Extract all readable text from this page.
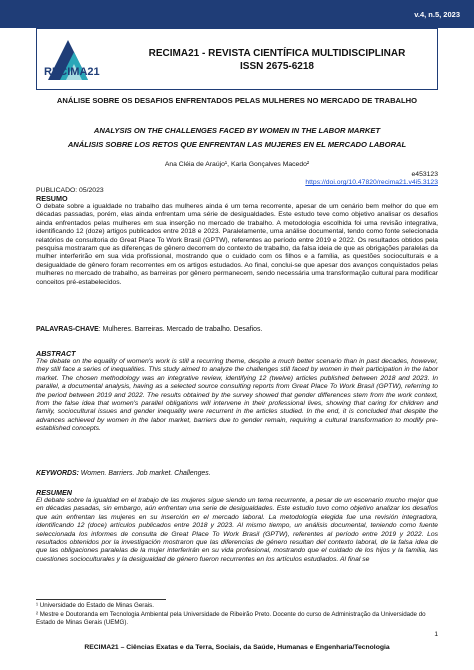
v.4, n.5, 2023
RECIMA21
RECIMA21 - REVISTA CIENTÍFICA MULTIDISCIPLINAR
ISSN 2675-6218
ANÁLISE SOBRE OS DESAFIOS ENFRENTADOS PELAS MULHERES NO MERCADO DE TRABALHO
ANALYSIS ON THE CHALLENGES FACED BY WOMEN IN THE LABOR MARKET
ANÁLISIS SOBRE LOS RETOS QUE ENFRENTAN LAS MUJERES EN EL MERCADO LABORAL
Ana Cléia de Araújo¹, Karla Gonçalves Macedo²
e453123
https://doi.org/10.47820/recima21.v4i5.3123
PUBLICADO: 05/2023
RESUMO

O debate sobre a igualdade no trabalho das mulheres ainda é um tema recorrente, apesar de um cenário bem melhor do que em décadas passadas, porém, elas ainda enfrentam uma série de desigualdades. Este estudo teve como objetivo analisar os desafios ainda enfrentados pelas mulheres em sua inserção no mercado de trabalho. A metodologia escolhida foi uma revisão integrativa, identificando 12 (doze) artigos publicados entre 2018 e 2023. Paralelamente, uma análise documental, tendo como fonte selecionada relatórios de consultoria do Great Place To Work Brasil (GPTW), referentes ao período entre 2019 e 2022. Os resultados obtidos pela pesquisa mostraram que as diferenças de gênero decorrem do contexto de trabalho, da falsa ideia de que as obrigações paralelas da mulher interferirão em sua vida profissional, mostrando que o cuidado com os filhos e a família, as questões socioculturais e a desigualdade de gênero foram recorrentes em os artigos estudados. Ao final, conclui-se que apesar dos avanços conquistados pelas mulheres no mercado de trabalho, as barreiras por gênero permanecem, sendo necessária uma transformação cultural para modificar conceitos pré-estabelecidos.

PALAVRAS-CHAVE: Mulheres. Barreiras. Mercado de trabalho. Desafios.
ABSTRACT

The debate on the equality of women's work is still a recurring theme, despite a much better scenario than in past decades, however, they still face a series of inequalities. This study aimed to analyze the challenges still faced by women in their participation in the labor market. The chosen methodology was an integrative review, identifying 12 (twelve) articles published between 2018 and 2023. In parallel, a documental analysis, having as a selected source consulting reports from Great Place To Work Brasil (GPTW), referring to the period between 2019 and 2022. The results obtained by the survey showed that gender differences stem from the work context, from the false idea that women's parallel obligations will intervene in their professional lives, showing that caring for children and family, sociocultural issues and gender inequality were recurrent in the articles studied. In the end, it is concluded that despite the advances achieved by women in the labor market, barriers due to gender remain, requiring a cultural transformation to modify pre-established concepts.

KEYWORDS: Women. Barriers. Job market. Challenges.
RESUMEN

El debate sobre la igualdad en el trabajo de las mujeres sigue siendo un tema recurrente, a pesar de un escenario mucho mejor que en décadas pasadas, sin embargo, aún enfrentan una serie de desigualdades. Este estudio tuvo como objetivo analizar los desafíos que aún enfrentan las mujeres en su inserción en el mercado laboral. La metodología elegida fue una revisión integradora, identificando 12 (doce) artículos publicados entre 2018 y 2023. Al mismo tiempo, un análisis documental, teniendo como fuente seleccionada los informes de consulta de Great Place To Work Brasil (GPTW), referentes al período entre 2019 y 2022. Los resultados obtenidos por la investigación mostraron que las diferencias de género resultan del contexto laboral, de la falsa idea de que las obligaciones paralelas de la mujer interferirán en su vida profesional, mostrando que el cuidado de los hijos y la familia, las cuestiones socioculturales y la desigualdad de género fueron recurrentes en los artículos estudiados. Al final se

¹ Universidade do Estado de Minas Gerais.
² Mestre e Doutoranda em Tecnologia Ambiental pela Universidade de Ribeirão Preto. Docente do curso de Administração da Universidade do Estado de Minas Gerais (UEMG).
1
RECIMA21 – Ciências Exatas e da Terra, Sociais, da Saúde, Humanas e Engenharia/Tecnologia
